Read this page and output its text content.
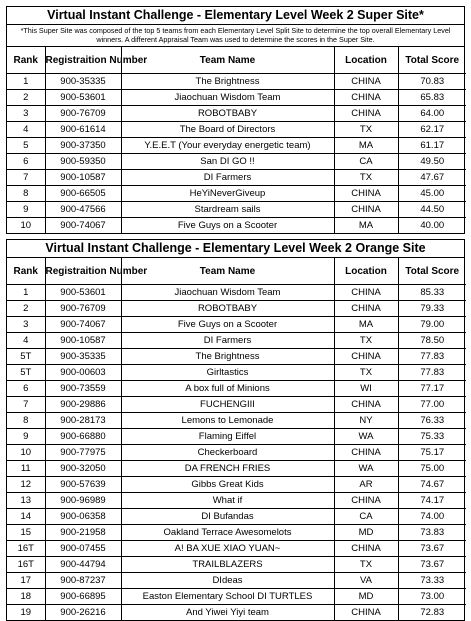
Virtual Instant Challenge - Elementary Level Week 2 Super Site*
*This Super Site was composed of the top 5 teams from each Elementary Level Split Site to determine the top overall Elementary Level winners. A different Appraisal Team was used to determine the scores in the Super Site.
Rank	Registraition Number	Team Name	Location	Total Score
1	900-35335	The Brightness	CHINA	70.83
2	900-53601	Jiaochuan Wisdom Team	CHINA	65.83
3	900-76709	ROBOTBABY	CHINA	64.00
4	900-61614	The Board of Directors	TX	62.17
5	900-37350	Y.E.E.T (Your everyday energetic team)	MA	61.17
6	900-59350	San DI GO !!	CA	49.50
7	900-10587	DI Farmers	TX	47.67
8	900-66505	HeYiNeverGiveup	CHINA	45.00
9	900-47566	Stardream sails	CHINA	44.50
10	900-74067	Five Guys on a Scooter	MA	40.00
Virtual Instant Challenge - Elementary Level Week 2 Orange Site
Rank	Registraition Number	Team Name	Location	Total Score
1	900-53601	Jiaochuan Wisdom Team	CHINA	85.33
2	900-76709	ROBOTBABY	CHINA	79.33
3	900-74067	Five Guys on a Scooter	MA	79.00
4	900-10587	DI Farmers	TX	78.50
5T	900-35335	The Brightness	CHINA	77.83
5T	900-00603	Girltastics	TX	77.83
6	900-73559	A box full of Minions	WI	77.17
7	900-29886	FUCHENGIII	CHINA	77.00
8	900-28173	Lemons to Lemonade	NY	76.33
9	900-66880	Flaming Eiffel	WA	75.33
10	900-77975	Checkerboard	CHINA	75.17
11	900-32050	DA FRENCH FRIES	WA	75.00
12	900-57639	Gibbs Great Kids	AR	74.67
13	900-96989	What if	CHINA	74.17
14	900-06358	DI Bufandas	CA	74.00
15	900-21958	Oakland Terrace Awesomelots	MD	73.83
16T	900-07455	A! BA XUE XIAO YUAN~	CHINA	73.67
16T	900-44794	TRAILBLAZERS	TX	73.67
17	900-87237	DIdeas	VA	73.33
18	900-66895	Easton Elementary School DI TURTLES	MD	73.00
19	900-26216	And Yiwei Yiyi team	CHINA	72.83
